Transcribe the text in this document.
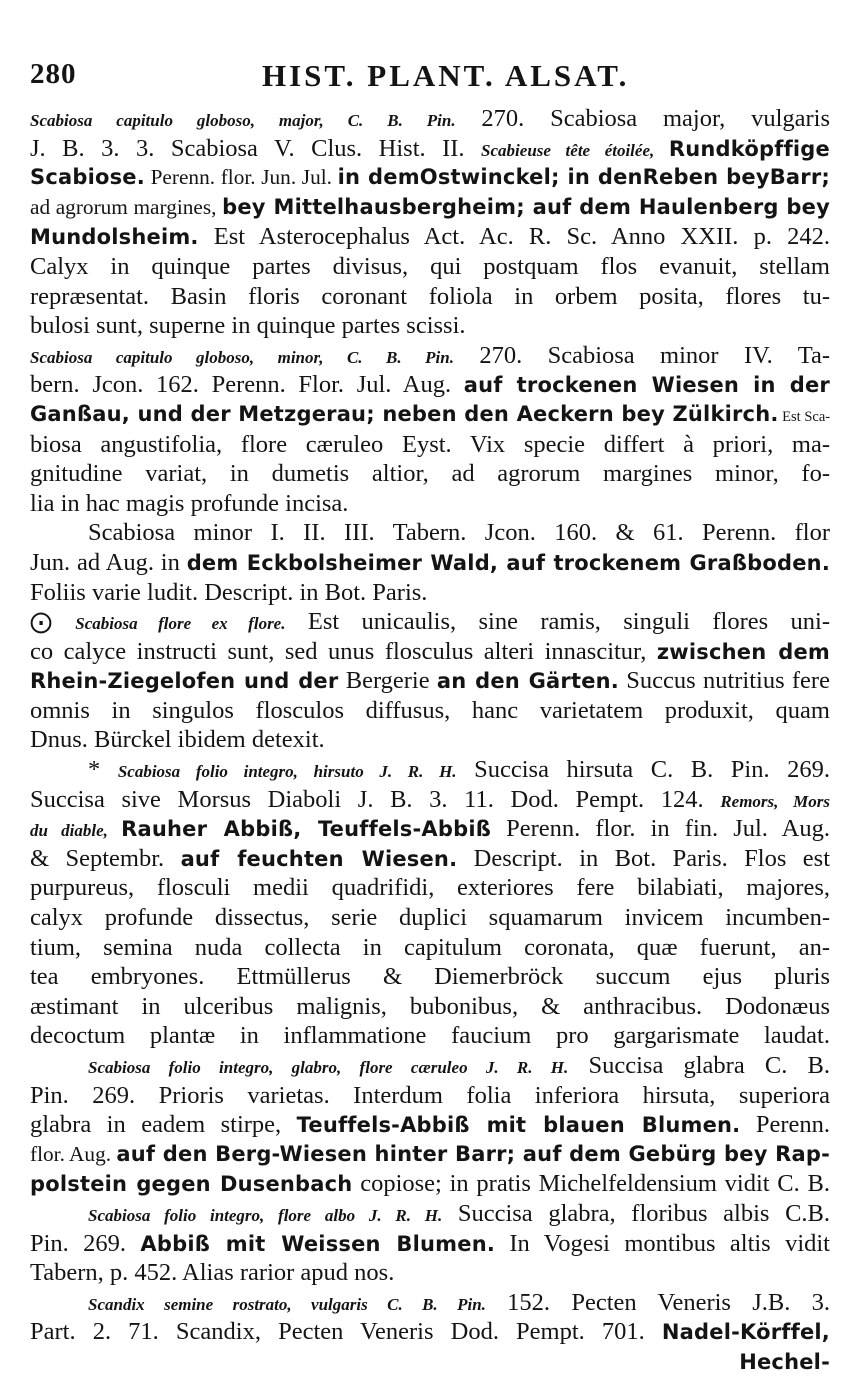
280	HIST. PLANT. ALSAT.
Scabiosa capitulo globoso, major, C. B. Pin. 270. Scabiosa major, vulgaris
J. B. 3. 3. Scabiosa V. Clus. Hist. II. Scabieuse tête étoilée, Rundköpffige
Scabiose. Perenn. flor. Jun. Jul. in demOstwinckel; in denReben beyBarr;
ad agrorum margines, bey Mittelhausbergheim; auf dem Haulenberg bey
Mundolsheim. Est Asterocephalus Act. Ac. R. Sc. Anno XXII. p. 242.
Calyx in quinque partes divisus, qui postquam flos evanuit, stellam
repræsentat. Basin floris coronant foliola in orbem posita, flores tu-
bulosi sunt, superne in quinque partes scissi.
Scabiosa capitulo globoso, minor, C. B. Pin. 270. Scabiosa minor IV. Ta-
bern. Jcon. 162. Perenn. Flor. Jul. Aug. auf trockenen Wiesen in der
Ganßau, und der Metzgerau; neben den Aeckern bey Zülkirch. Est Sca-
biosa angustifolia, flore cæruleo Eyst. Vix specie differt à priori, ma-
gnitudine variat, in dumetis altior, ad agrorum margines minor, fo-
lia in hac magis profunde incisa.
Scabiosa minor I. II. III. Tabern. Jcon. 160. & 61. Perenn. flor
Jun. ad Aug. in dem Eckbolsheimer Wald, auf trockenem Graßboden.
Foliis varie ludit. Descript. in Bot. Paris.
⨀ Scabiosa flore ex flore. Est unicaulis, sine ramis, singuli flores uni-
co calyce instructi sunt, sed unus flosculus alteri innascitur, zwischen dem
Rhein-Ziegelofen und der Bergerie an den Gärten. Succus nutritius fere
omnis in singulos flosculos diffusus, hanc varietatem produxit, quam
Dnus. Bürckel ibidem detexit.
* Scabiosa folio integro, hirsuto J. R. H. Succisa hirsuta C. B. Pin. 269.
Succisa sive Morsus Diaboli J. B. 3. 11. Dod. Pempt. 124. Remors, Mors
du diable, Rauher Abbiß, Teuffels-Abbiß Perenn. flor. in fin. Jul. Aug.
& Septembr. auf feuchten Wiesen. Descript. in Bot. Paris. Flos est
purpureus, flosculi medii quadrifidi, exteriores fere bilabiati, majores,
calyx profunde dissectus, serie duplici squamarum invicem incumben-
tium, semina nuda collecta in capitulum coronata, quæ fuerunt, an-
tea embryones. Ettmüllerus & Diemerbröck succum ejus pluris
æstimant in ulceribus malignis, bubonibus, & anthracibus. Dodonæus
decoctum plantæ in inflammatione faucium pro gargarismate laudat.
Scabiosa folio integro, glabro, flore cæruleo J. R. H. Succisa glabra C. B.
Pin. 269. Prioris varietas. Interdum folia inferiora hirsuta, superiora
glabra in eadem stirpe, Teuffels-Abbiß mit blauen Blumen. Perenn.
flor. Aug. auf den Berg-Wiesen hinter Barr; auf dem Gebürg bey Rap-
polstein gegen Dusenbach copiose; in pratis Michelfeldensium vidit C. B.
Scabiosa folio integro, flore albo J. R. H. Succisa glabra, floribus albis C.B.
Pin. 269. Abbiß mit Weissen Blumen. In Vogesi montibus altis vidit
Tabern, p. 452. Alias rarior apud nos.
Scandix semine rostrato, vulgaris C. B. Pin. 152. Pecten Veneris J.B. 3.
Part. 2. 71. Scandix, Pecten Veneris Dod. Pempt. 701. Nadel-Körffel,
Hechel-
